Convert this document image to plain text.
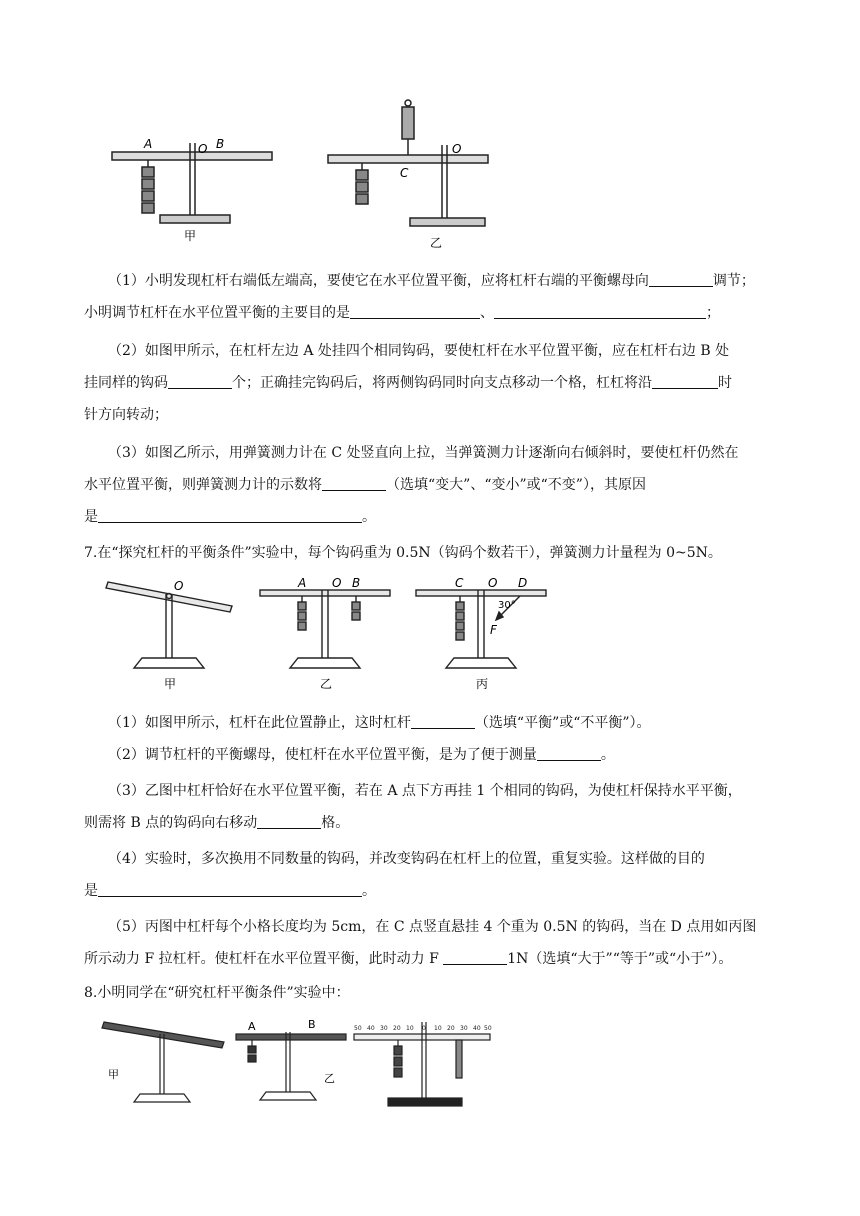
A	O B
甲
C
O
乙
（1）小明发现杠杆右端低左端高，要使它在水平位置平衡，应将杠杆右端的平衡螺母向	调节；
小明调节杠杆在水平位置平衡的主要目的是	、	；
（2）如图甲所示，在杠杆左边 A 处挂四个相同钩码，要使杠杆在水平位置平衡，应在杠杆右边 B 处
挂同样的钩码	个；正确挂完钩码后，将两侧钩码同时向支点移动一个格，杠杠将沿	时
针方向转动；
（3）如图乙所示，用弹簧测力计在 C 处竖直向上拉，当弹簧测力计逐渐向右倾斜时，要使杠杆仍然在
水平位置平衡，则弹簧测力计的示数将	（选填“变大”、“变小”或“不变”），其原因
是	。
7.在“探究杠杆的平衡条件”实验中，每个钩码重为 0.5N（钩码个数若干），弹簧测力计量程为 0~5N。
O
甲
A O B
乙
C O D
30°
F
丙
（1）如图甲所示，杠杆在此位置静止，这时杠杆	（选填“平衡”或“不平衡”）。
（2）调节杠杆的平衡螺母，使杠杆在水平位置平衡，是为了便于测量	。
（3）乙图中杠杆恰好在水平位置平衡，若在 A 点下方再挂 1 个相同的钩码，为使杠杆保持水平平衡，
则需将 B 点的钩码向右移动	格。
（4）实验时，多次换用不同数量的钩码，并改变钩码在杠杆上的位置，重复实验。这样做的目的
是	。
（5）丙图中杠杆每个小格长度均为 5cm，在 C 点竖直悬挂 4 个重为 0.5N 的钩码，当在 D 点用如丙图
所示动力 F 拉杠杆。使杠杆在水平位置平衡，此时动力 F	1N（选填“大于”“等于”或“小于”）。
8.小明同学在“研究杠杆平衡条件”实验中：
甲
A	B
乙
50 40 30 20 10 0 10 20 30 40 50
